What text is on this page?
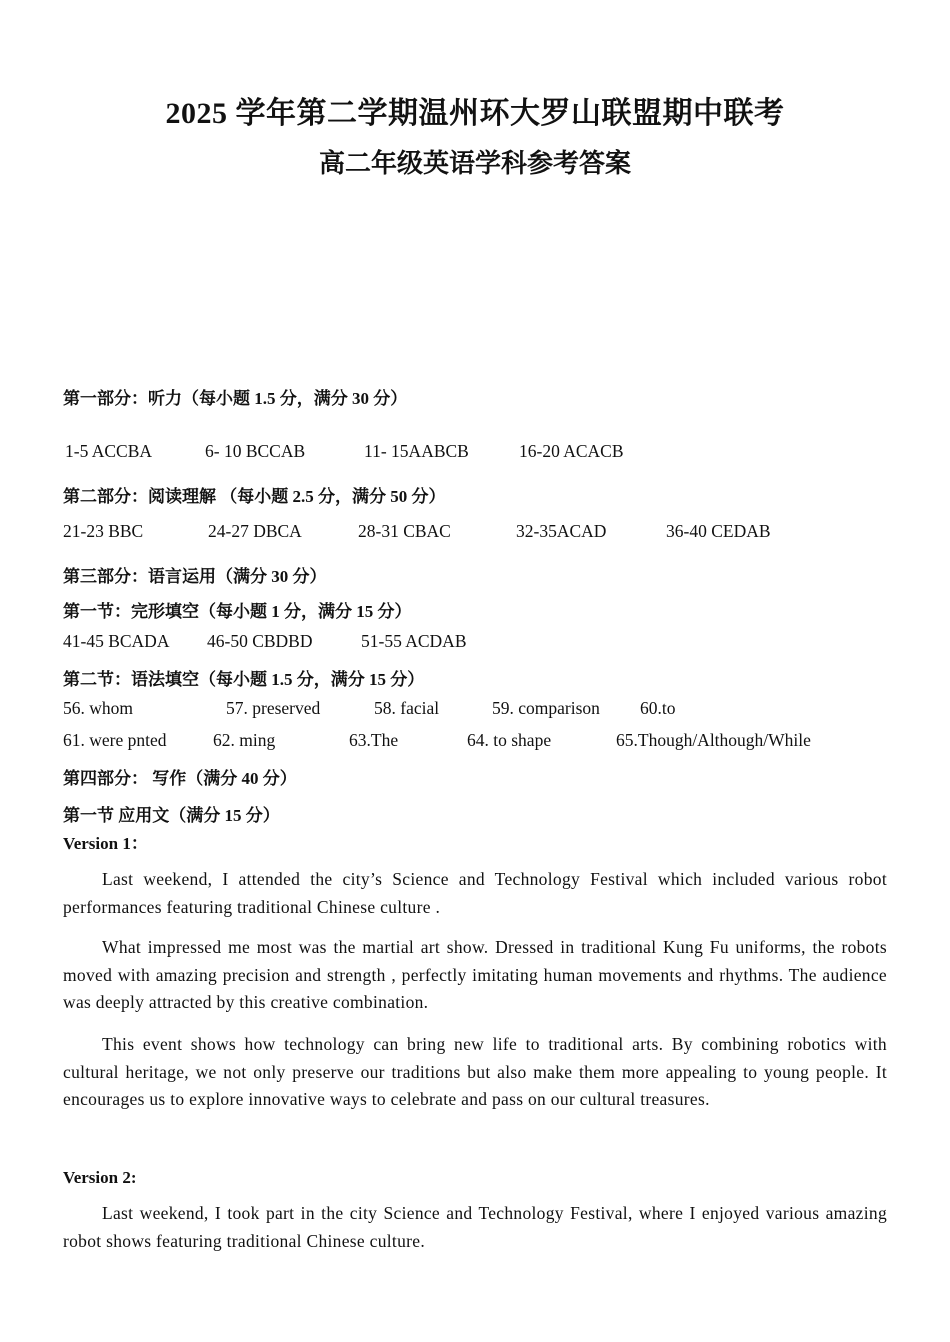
2025 学年第二学期温州环大罗山联盟期中联考
高二年级英语学科参考答案
第一部分：听力（每小题 1.5 分，满分 30 分）
1-5 ACCBA	6- 10 BCCAB	11- 15AABCB	16-20 ACACB
第二部分：阅读理解 （每小题 2.5 分，满分 50 分）
21-23 BBC	24-27 DBCA	28-31 CBAC	32-35ACAD	36-40 CEDAB
第三部分：语言运用（满分 30 分）
第一节：完形填空（每小题 1 分，满分 15 分）
41-45 BCADA 46-50 CBDBD	51-55 ACDAB
第二节：语法填空（每小题 1.5 分，满分 15 分）
56. whom	57. preserved	58. facial	59. comparison 60.to
61. were pnted	62. ming	63.The	64. to shape	65.Though/Although/While
第四部分： 写作（满分 40 分）
第一节 应用文（满分 15 分）
Version 1：
Last weekend, I attended the city’s Science and Technology Festival which included various robot performances featuring traditional Chinese culture .
What impressed me most was the martial art show. Dressed in traditional Kung Fu uniforms, the robots moved with amazing precision and strength , perfectly imitating human movements and rhythms. The audience was deeply attracted by this creative combination.
This event shows how technology can bring new life to traditional arts. By combining robotics with cultural heritage, we not only preserve our traditions but also make them more appealing to young people. It encourages us to explore innovative ways to celebrate and pass on our cultural treasures.
Version 2:
Last weekend, I took part in the city Science and Technology Festival, where I enjoyed various amazing robot shows featuring traditional Chinese culture.
